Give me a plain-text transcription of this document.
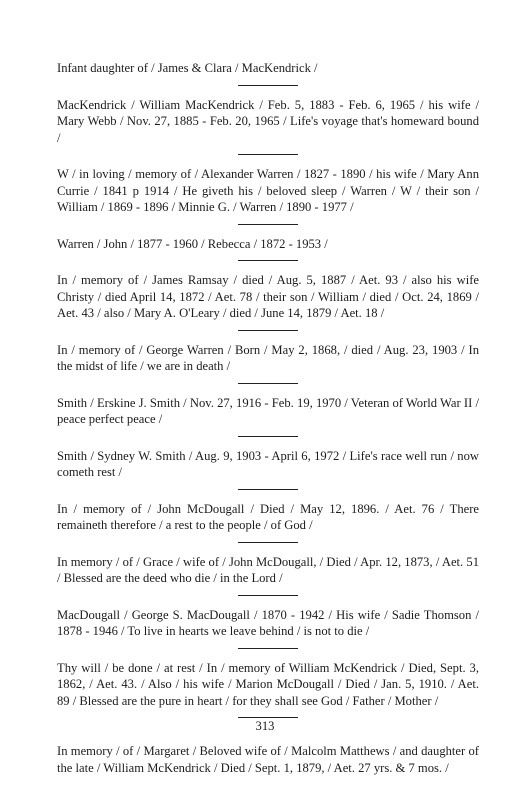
Infant daughter of / James & Clara / MacKendrick /

MacKendrick / William MacKendrick / Feb. 5, 1883 - Feb. 6, 1965 / his wife / Mary Webb / Nov. 27, 1885 - Feb. 20, 1965 / Life's voyage that's homeward bound /

W / in loving / memory of / Alexander Warren / 1827 - 1890 / his wife / Mary Ann Currie / 1841 p 1914 / He giveth his / beloved sleep / Warren / W / their son / William / 1869 - 1896 / Minnie G. / Warren / 1890 - 1977 /

Warren / John / 1877 - 1960 / Rebecca / 1872 - 1953 /

In / memory of / James Ramsay / died / Aug. 5, 1887 / Aet. 93 / also his wife Christy / died April 14, 1872 / Aet. 78 / their son / William / died / Oct. 24, 1869 / Aet. 43 / also / Mary A. O'Leary / died / June 14, 1879 / Aet. 18 /

In / memory of / George Warren / Born / May 2, 1868, / died / Aug. 23, 1903 / In the midst of life / we are in death /

Smith / Erskine J. Smith / Nov. 27, 1916 - Feb. 19, 1970 / Veteran of World War II / peace perfect peace /

Smith / Sydney W. Smith / Aug. 9, 1903 - April 6, 1972 / Life's race well run / now cometh rest /

In / memory of / John McDougall / Died / May 12, 1896. / Aet. 76 / There remaineth therefore / a rest to the people / of God /

In memory / of / Grace / wife of / John McDougall, / Died / Apr. 12, 1873, / Aet. 51 / Blessed are the deed who die / in the Lord /

MacDougall / George S. MacDougall / 1870 - 1942 / His wife / Sadie Thomson / 1878 - 1946 / To live in hearts we leave behind / is not to die /

Thy will / be done / at rest / In / memory of William McKendrick / Died, Sept. 3, 1862, / Aet. 43. / Also / his wife / Marion McDougall / Died / Jan. 5, 1910. / Aet. 89 / Blessed are the pure in heart / for they shall see God / Father / Mother /

In memory / of / Margaret / Beloved wife of / Malcolm Matthews / and daughter of the late / William McKendrick / Died / Sept. 1, 1879, / Aet. 27 yrs. & 7 mos. /

313
